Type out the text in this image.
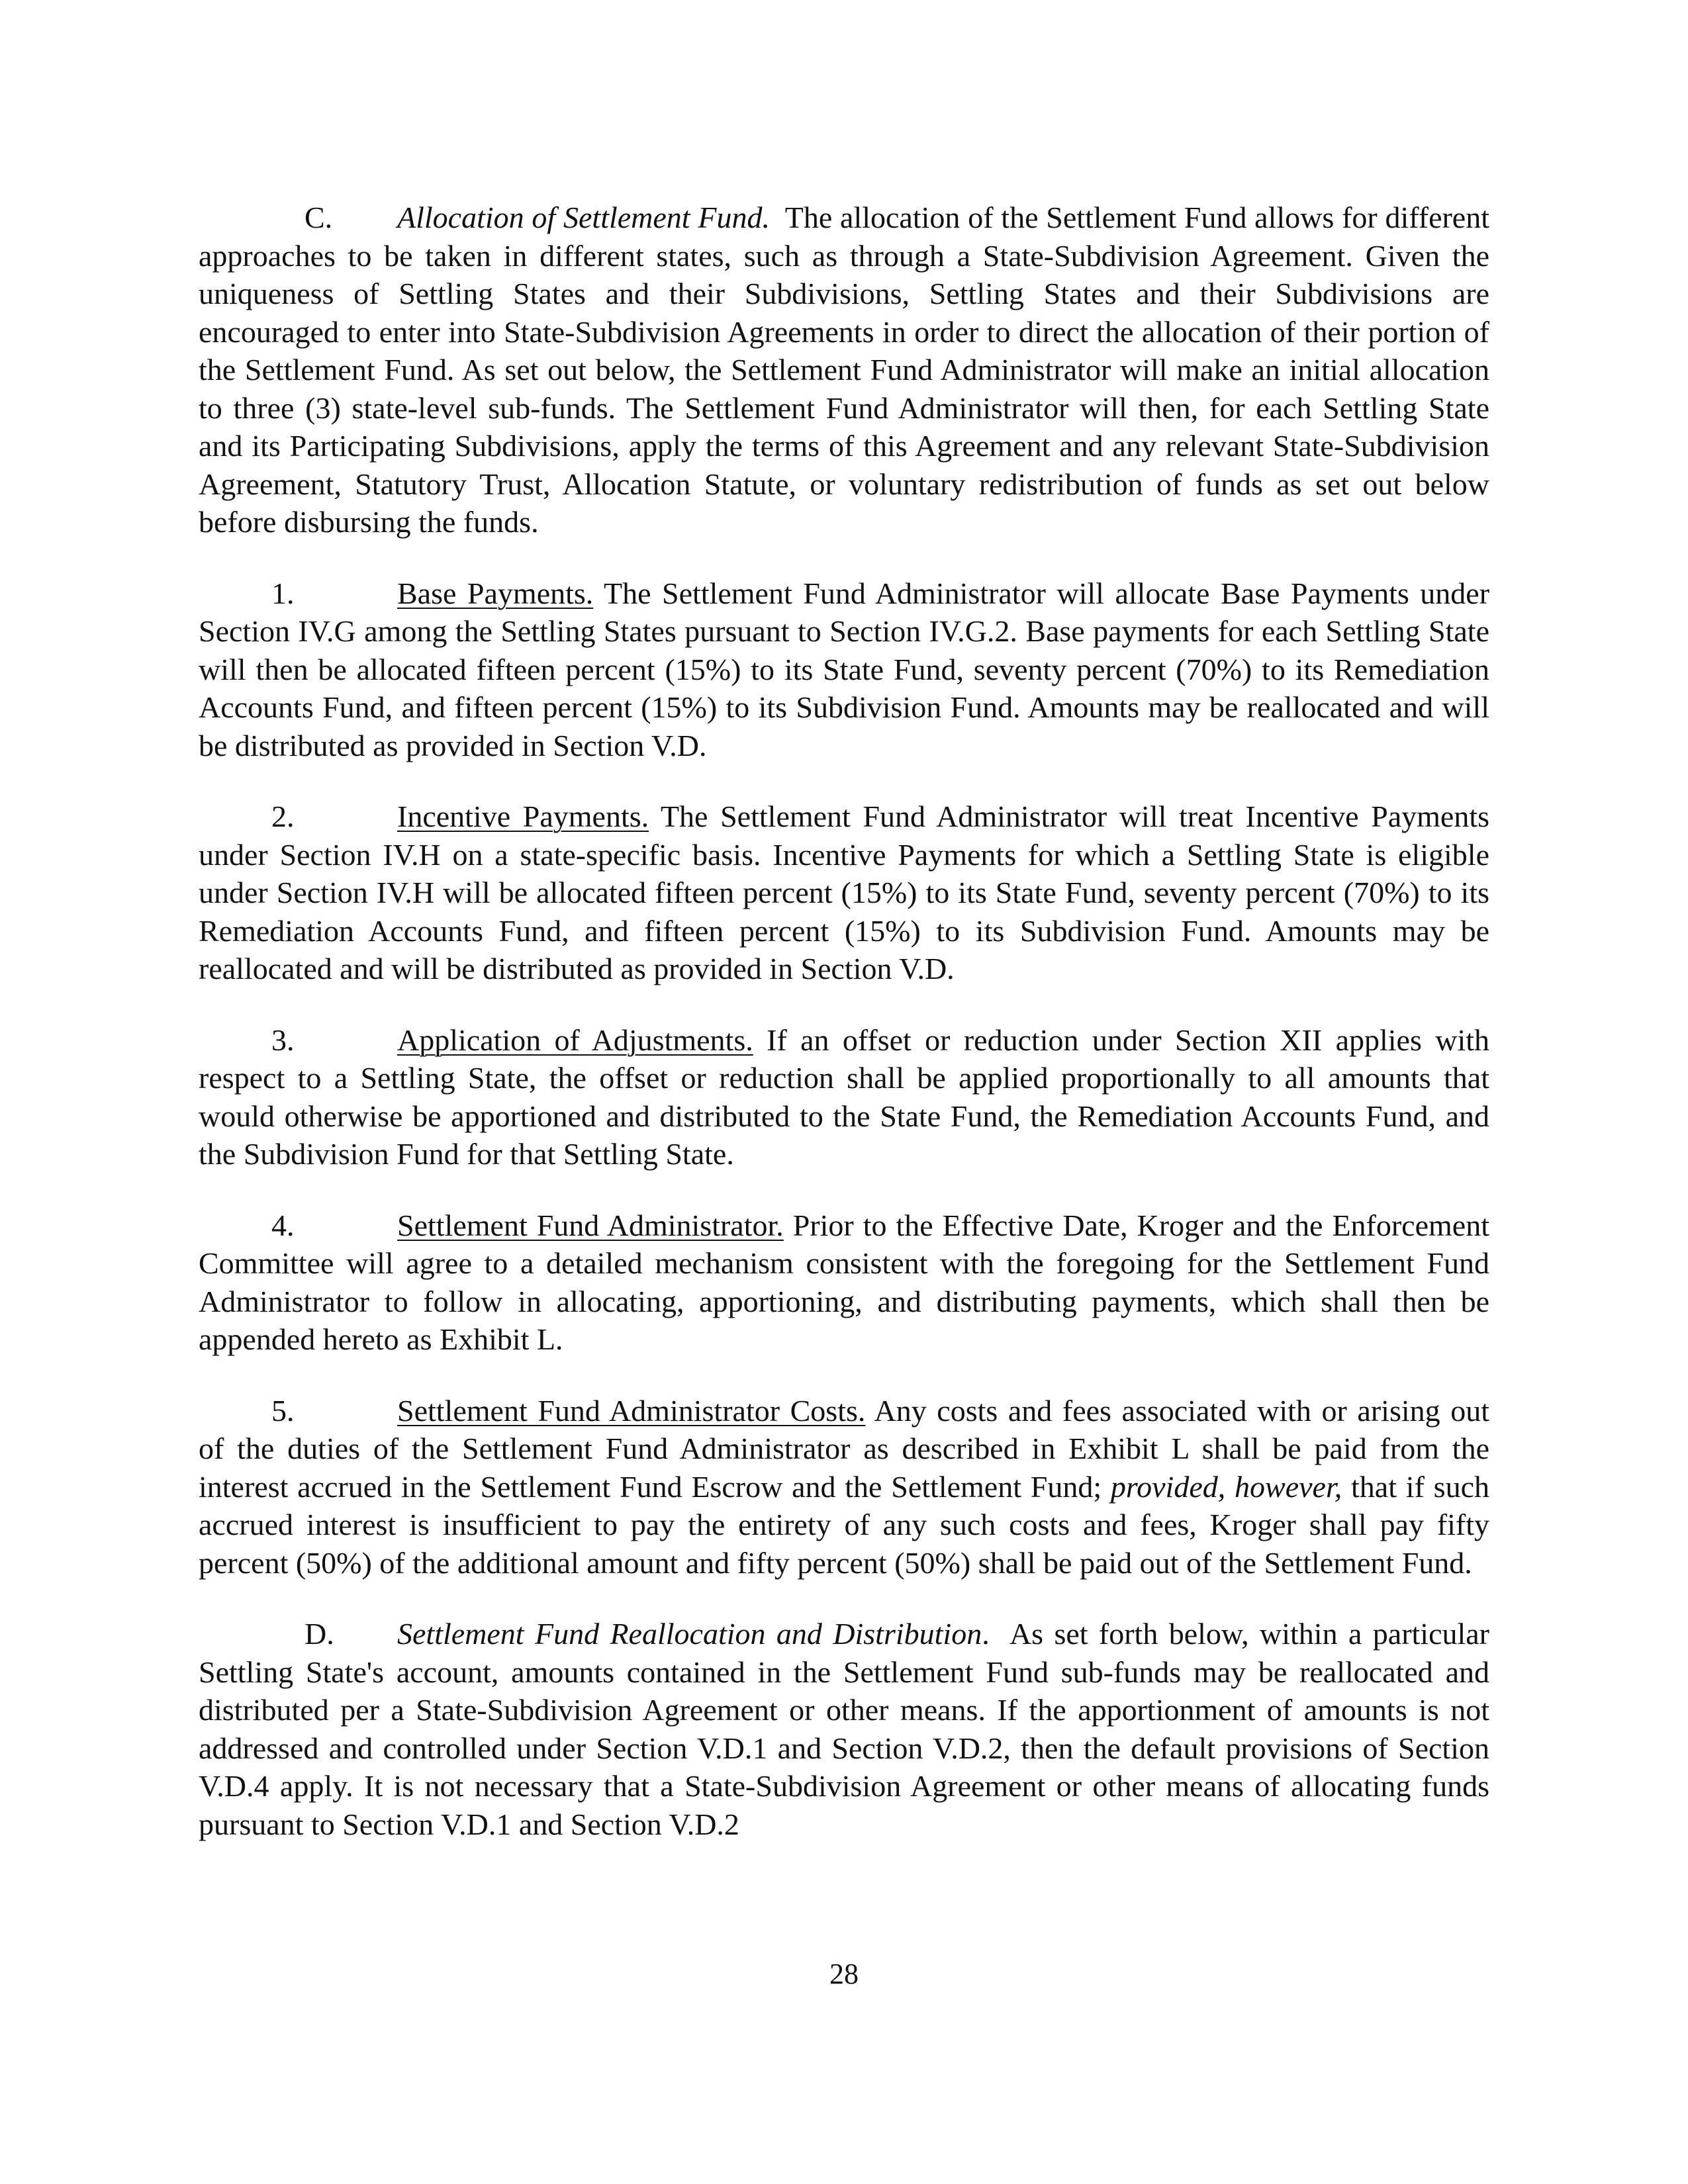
C. Allocation of Settlement Fund. The allocation of the Settlement Fund allows for different approaches to be taken in different states, such as through a State-Subdivision Agreement. Given the uniqueness of Settling States and their Subdivisions, Settling States and their Subdivisions are encouraged to enter into State-Subdivision Agreements in order to direct the allocation of their portion of the Settlement Fund. As set out below, the Settlement Fund Administrator will make an initial allocation to three (3) state-level sub-funds. The Settlement Fund Administrator will then, for each Settling State and its Participating Subdivisions, apply the terms of this Agreement and any relevant State-Subdivision Agreement, Statutory Trust, Allocation Statute, or voluntary redistribution of funds as set out below before disbursing the funds.

1.	Base Payments. The Settlement Fund Administrator will allocate Base Payments under Section IV.G among the Settling States pursuant to Section IV.G.2. Base payments for each Settling State will then be allocated fifteen percent (15%) to its State Fund, seventy percent (70%) to its Remediation Accounts Fund, and fifteen percent (15%) to its Subdivision Fund. Amounts may be reallocated and will be distributed as provided in Section V.D.

2.	Incentive Payments. The Settlement Fund Administrator will treat Incentive Payments under Section IV.H on a state-specific basis. Incentive Payments for which a Settling State is eligible under Section IV.H will be allocated fifteen percent (15%) to its State Fund, seventy percent (70%) to its Remediation Accounts Fund, and fifteen percent (15%) to its Subdivision Fund. Amounts may be reallocated and will be distributed as provided in Section V.D.

3.	Application of Adjustments. If an offset or reduction under Section XII applies with respect to a Settling State, the offset or reduction shall be applied proportionally to all amounts that would otherwise be apportioned and distributed to the State Fund, the Remediation Accounts Fund, and the Subdivision Fund for that Settling State.

4.	Settlement Fund Administrator. Prior to the Effective Date, Kroger and the Enforcement Committee will agree to a detailed mechanism consistent with the foregoing for the Settlement Fund Administrator to follow in allocating, apportioning, and distributing payments, which shall then be appended hereto as Exhibit L.

5.	Settlement Fund Administrator Costs. Any costs and fees associated with or arising out of the duties of the Settlement Fund Administrator as described in Exhibit L shall be paid from the interest accrued in the Settlement Fund Escrow and the Settlement Fund; provided, however, that if such accrued interest is insufficient to pay the entirety of any such costs and fees, Kroger shall pay fifty percent (50%) of the additional amount and fifty percent (50%) shall be paid out of the Settlement Fund.

D. Settlement Fund Reallocation and Distribution. As set forth below, within a particular Settling State's account, amounts contained in the Settlement Fund sub-funds may be reallocated and distributed per a State-Subdivision Agreement or other means. If the apportionment of amounts is not addressed and controlled under Section V.D.1 and Section V.D.2, then the default provisions of Section V.D.4 apply. It is not necessary that a State-Subdivision Agreement or other means of allocating funds pursuant to Section V.D.1 and Section V.D.2

28
